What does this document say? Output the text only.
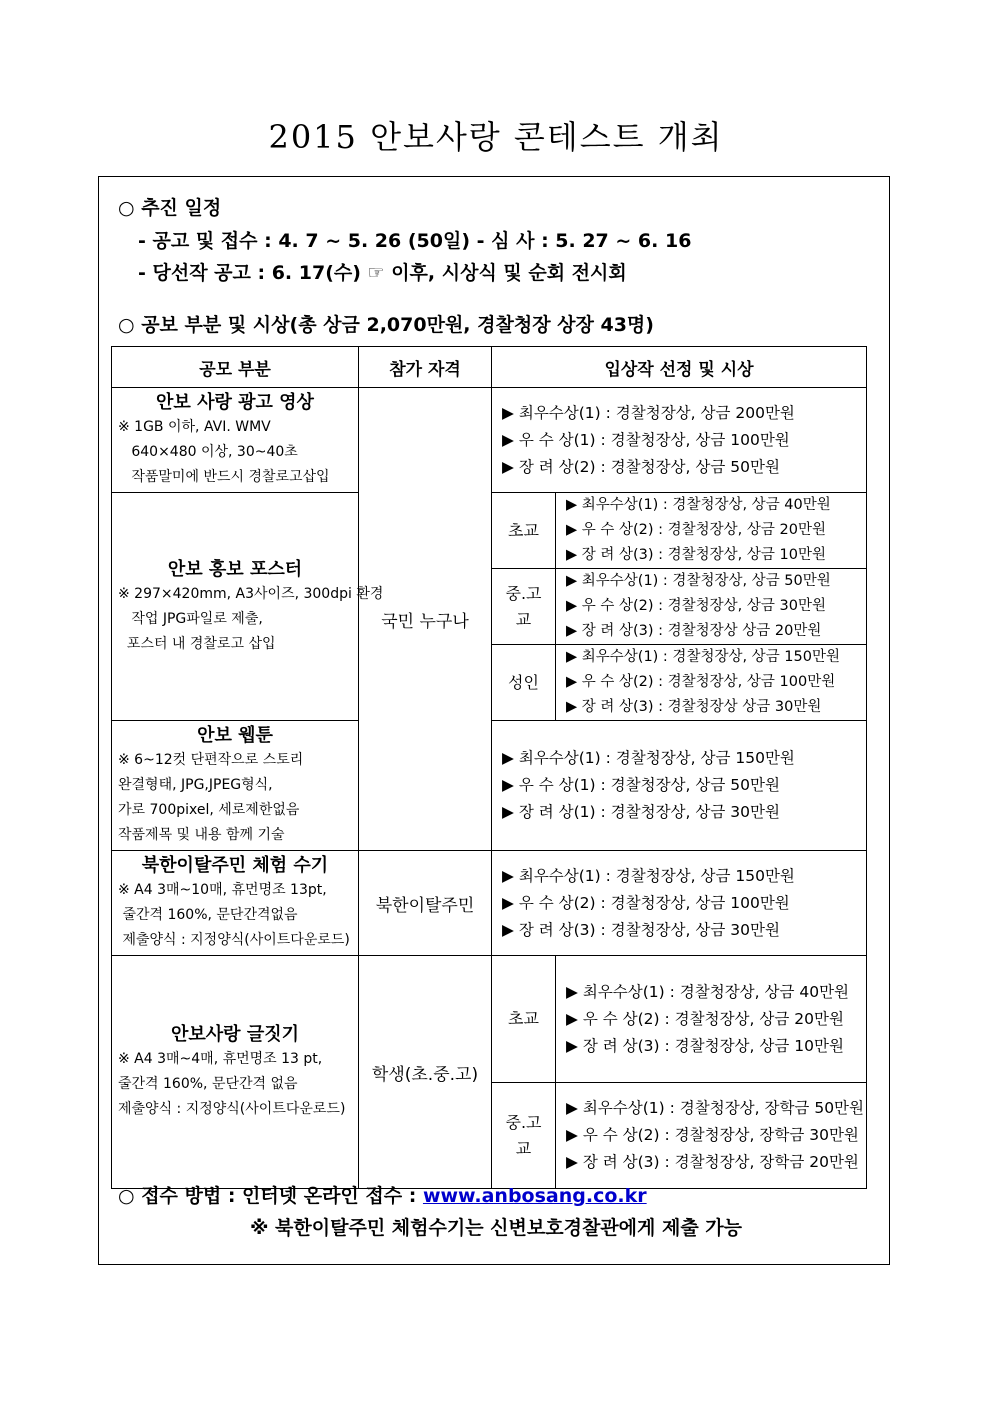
2015 안보사랑 콘테스트 개최
○ 추진 일정
- 공고 및 접수 : 4. 7 ~ 5. 26 (50일) - 심 사 : 5. 27 ~ 6. 16
- 당선작 공고 : 6. 17(수) ☞ 이후, 시상식 및 순회 전시회
○ 공보 부분 및 시상(총 상금 2,070만원, 경찰청장 상장 43명)
공모 부분	참가 자격	입상작 선정 및 시상	

안보 사랑 광고 영상
※ 1GB 이하, AVI. WMV
640×480 이상, 30~40초
작품말미에 반드시 경찰로고삽입	국민 누구나	▶ 최우수상(1) : 경찰청장상, 상금 200만원
▶ 우 수 상(1) : 경찰청장상, 상금 100만원
▶ 장 려 상(2) : 경찰청장상, 상금 50만원	

안보 홍보 포스터
※ 297×420mm, A3사이즈, 300dpi 환경
작업 JPG파일로 제출,
포스터 내 경찰로고 삽입		초교	▶ 최우수상(1) : 경찰청장상, 상금 40만원
▶ 우 수 상(2) : 경찰청장상, 상금 20만원
▶ 장 려 상(3) : 경찰청장상, 상금 10만원

		중.고교	▶ 최우수상(1) : 경찰청장상, 상금 50만원
▶ 우 수 상(2) : 경찰청장상, 상금 30만원
▶ 장 려 상(3) : 경찰청장상 상금 20만원

		성인	▶ 최우수상(1) : 경찰청장상, 상금 150만원
▶ 우 수 상(2) : 경찰청장상, 상금 100만원
▶ 장 려 상(3) : 경찰청장상 상금 30만원

안보 웹툰
※ 6~12컷 단편작으로 스토리
완결형태, JPG,JPEG형식,
가로 700pixel, 세로제한없음
작품제목 및 내용 함께 기술		▶ 최우수상(1) : 경찰청장상, 상금 150만원
▶ 우 수 상(1) : 경찰청장상, 상금 50만원
▶ 장 려 상(1) : 경찰청장상, 상금 30만원	

북한이탈주민 체험 수기
※ A4 3매~10매, 휴먼명조 13pt,
줄간격 160%, 문단간격없음
제출양식 : 지정양식(사이트다운로드)	북한이탈주민	▶ 최우수상(1) : 경찰청장상, 상금 150만원
▶ 우 수 상(2) : 경찰청장상, 상금 100만원
▶ 장 려 상(3) : 경찰청장상, 상금 30만원	

안보사랑 글짓기
※ A4 3매~4매, 휴먼명조 13 pt,
줄간격 160%, 문단간격 없음
제출양식 : 지정양식(사이트다운로드)	학생(초.중.고)	초교	▶ 최우수상(1) : 경찰청장상, 상금 40만원
▶ 우 수 상(2) : 경찰청장상, 상금 20만원
▶ 장 려 상(3) : 경찰청장상, 상금 10만원

		중.고교	▶ 최우수상(1) : 경찰청장상, 장학금 50만원
▶ 우 수 상(2) : 경찰청장상, 장학금 30만원
▶ 장 려 상(3) : 경찰청장상, 장학금 20만원
○ 접수 방법 : 인터넷 온라인 접수 : www.anbosang.co.kr
※ 북한이탈주민 체험수기는 신변보호경찰관에게 제출 가능
